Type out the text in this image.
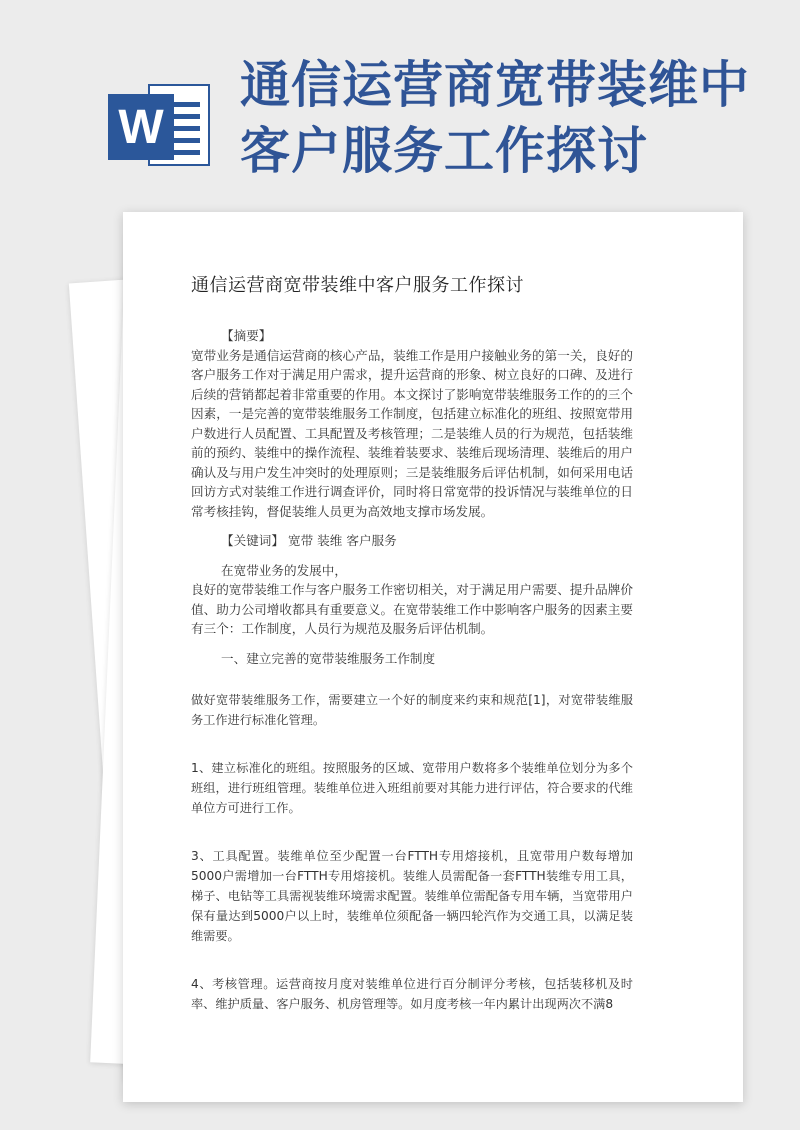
W
通信运营商宽带装维中
客户服务工作探讨
通信运营商宽带装维中客户服务工作探讨

【摘要】

宽带业务是通信运营商的核心产品，装维工作是用户接触业务的第一关，良好的客户服务工作对于满足用户需求，提升运营商的形象、树立良好的口碑、及进行后续的营销都起着非常重要的作用。本文探讨了影响宽带装维服务工作的的三个因素，一是完善的宽带装维服务工作制度，包括建立标准化的班组、按照宽带用户数进行人员配置、工具配置及考核管理；二是装维人员的行为规范，包括装维前的预约、装维中的操作流程、装维着装要求、装维后现场清理、装维后的用户确认及与用户发生冲突时的处理原则；三是装维服务后评估机制，如何采用电话回访方式对装维工作进行调查评价，同时将日常宽带的投诉情况与装维单位的日常考核挂钩，督促装维人员更为高效地支撑市场发展。

【关键词】 宽带 装维 客户服务

在宽带业务的发展中，

良好的宽带装维工作与客户服务工作密切相关，对于满足用户需要、提升品牌价值、助力公司增收都具有重要意义。在宽带装维工作中影响客户服务的因素主要有三个：工作制度，人员行为规范及服务后评估机制。

一、建立完善的宽带装维服务工作制度

做好宽带装维服务工作，需要建立一个好的制度来约束和规范[1]，对宽带装维服务工作进行标准化管理。

1、建立标准化的班组。按照服务的区域、宽带用户数将多个装维单位划分为多个班组，进行班组管理。装维单位进入班组前要对其能力进行评估，符合要求的代维单位方可进行工作。

3、工具配置。装维单位至少配置一台FTTH专用熔接机，且宽带用户数每增加5000户需增加一台FTTH专用熔接机。装维人员需配备一套FTTH装维专用工具，梯子、电钻等工具需视装维环境需求配置。装维单位需配备专用车辆，当宽带用户保有量达到5000户以上时，装维单位须配备一辆四轮汽作为交通工具，以满足装维需要。

4、考核管理。运营商按月度对装维单位进行百分制评分考核，包括装移机及时率、维护质量、客户服务、机房管理等。如月度考核一年内累计出现两次不满8
